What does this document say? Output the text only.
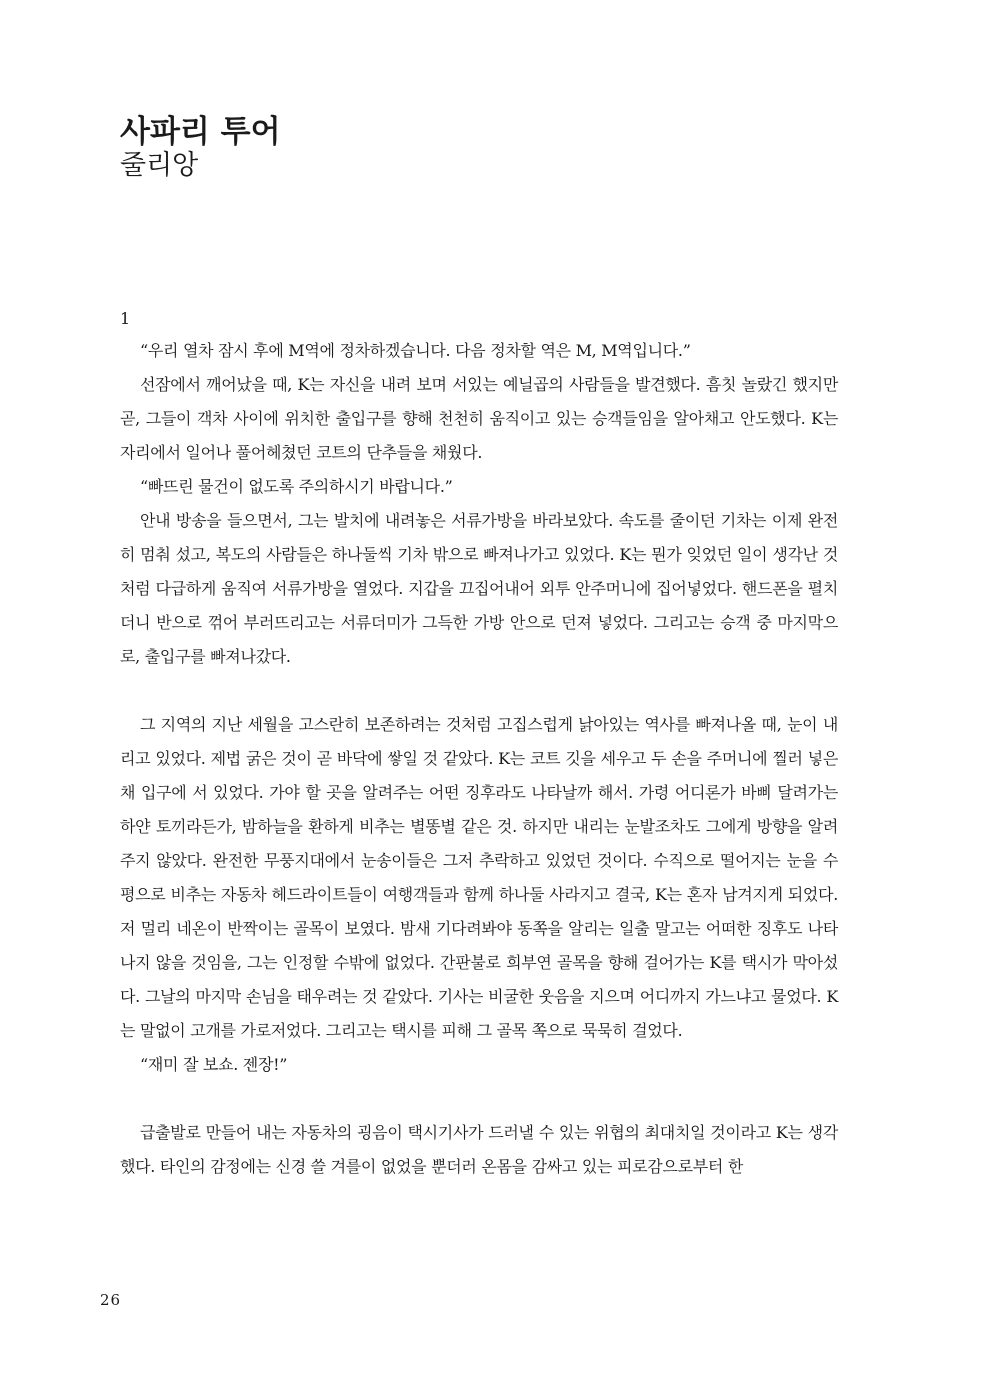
사파리 투어
줄리앙
1

“우리 열차 잠시 후에 M역에 정차하겠습니다. 다음 정차할 역은 M, M역입니다.”

선잠에서 깨어났을 때, K는 자신을 내려 보며 서있는 예닐곱의 사람들을 발견했다. 흠칫 놀랐긴 했지만 곧, 그들이 객차 사이에 위치한 출입구를 향해 천천히 움직이고 있는 승객들임을 알아채고 안도했다. K는 자리에서 일어나 풀어헤쳤던 코트의 단추들을 채웠다.

“빠뜨린 물건이 없도록 주의하시기 바랍니다.”

안내 방송을 들으면서, 그는 발치에 내려놓은 서류가방을 바라보았다. 속도를 줄이던 기차는 이제 완전히 멈춰 섰고, 복도의 사람들은 하나둘씩 기차 밖으로 빠져나가고 있었다. K는 뭔가 잊었던 일이 생각난 것처럼 다급하게 움직여 서류가방을 열었다. 지갑을 끄집어내어 외투 안주머니에 집어넣었다. 핸드폰을 펼치더니 반으로 꺾어 부러뜨리고는 서류더미가 그득한 가방 안으로 던져 넣었다. 그리고는 승객 중 마지막으로, 출입구를 빠져나갔다.

그 지역의 지난 세월을 고스란히 보존하려는 것처럼 고집스럽게 낡아있는 역사를 빠져나올 때, 눈이 내리고 있었다. 제법 굵은 것이 곧 바닥에 쌓일 것 같았다. K는 코트 깃을 세우고 두 손을 주머니에 찔러 넣은 채 입구에 서 있었다. 가야 할 곳을 알려주는 어떤 징후라도 나타날까 해서. 가령 어디론가 바삐 달려가는 하얀 토끼라든가, 밤하늘을 환하게 비추는 별똥별 같은 것. 하지만 내리는 눈발조차도 그에게 방향을 알려주지 않았다. 완전한 무풍지대에서 눈송이들은 그저 추락하고 있었던 것이다. 수직으로 떨어지는 눈을 수평으로 비추는 자동차 헤드라이트들이 여행객들과 함께 하나둘 사라지고 결국, K는 혼자 남겨지게 되었다. 저 멀리 네온이 반짝이는 골목이 보였다. 밤새 기다려봐야 동쪽을 알리는 일출 말고는 어떠한 징후도 나타나지 않을 것임을, 그는 인정할 수밖에 없었다. 간판불로 희부연 골목을 향해 걸어가는 K를 택시가 막아섰다. 그날의 마지막 손님을 태우려는 것 같았다. 기사는 비굴한 웃음을 지으며 어디까지 가느냐고 물었다. K는 말없이 고개를 가로저었다. 그리고는 택시를 피해 그 골목 쪽으로 묵묵히 걸었다.

“재미 잘 보쇼. 젠장!”

급출발로 만들어 내는 자동차의 굉음이 택시기사가 드러낼 수 있는 위협의 최대치일 것이라고 K는 생각했다. 타인의 감정에는 신경 쓸 겨를이 없었을 뿐더러 온몸을 감싸고 있는 피로감으로부터 한

26
